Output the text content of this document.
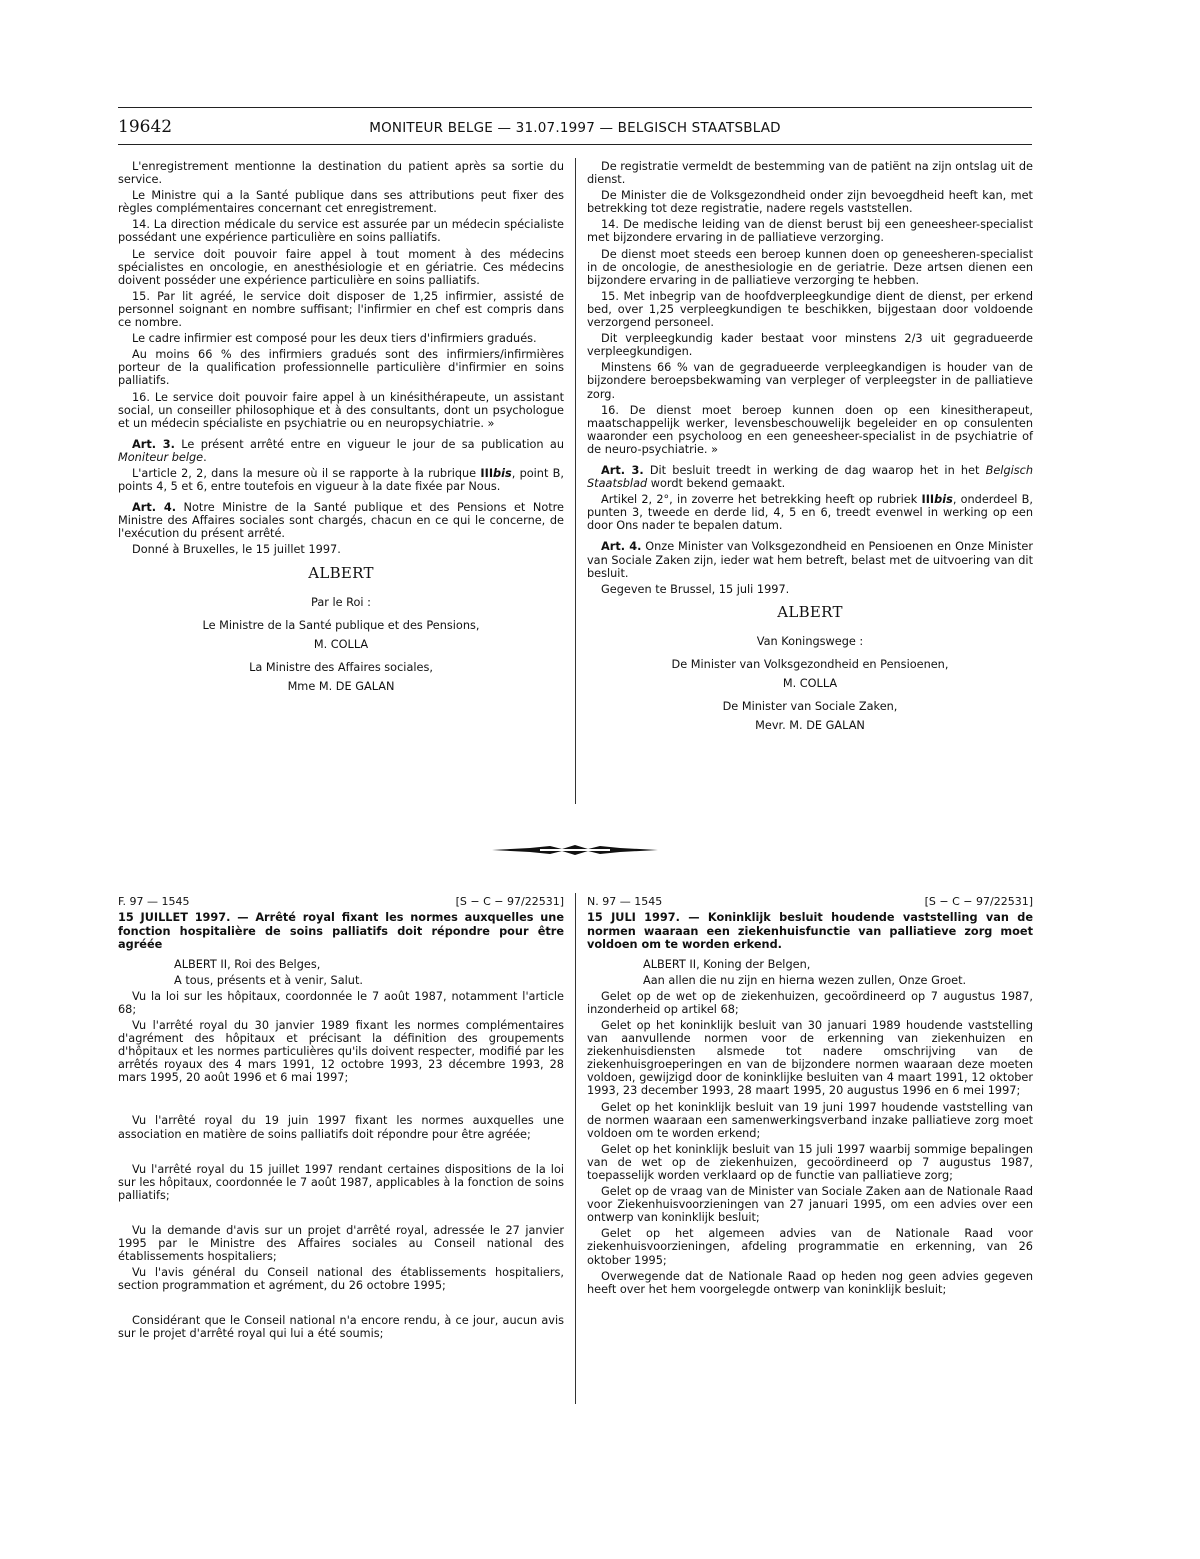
19642	MONITEUR BELGE — 31.07.1997 — BELGISCH STAATSBLAD

L'enregistrement mentionne la destination du patient après sa sortie du service.

Le Ministre qui a la Santé publique dans ses attributions peut fixer des règles complémentaires concernant cet enregistrement.

14. La direction médicale du service est assurée par un médecin spécialiste possédant une expérience particulière en soins palliatifs.

Le service doit pouvoir faire appel à tout moment à des médecins spécialistes en oncologie, en anesthésiologie et en gériatrie. Ces médecins doivent posséder une expérience particulière en soins palliatifs.

15. Par lit agréé, le service doit disposer de 1,25 infirmier, assisté de personnel soignant en nombre suffisant; l'infirmier en chef est compris dans ce nombre.

Le cadre infirmier est composé pour les deux tiers d'infirmiers gradués.

Au moins 66 % des infirmiers gradués sont des infirmiers/infirmières porteur de la qualification professionnelle particulière d'infirmier en soins palliatifs.

16. Le service doit pouvoir faire appel à un kinésithérapeute, un assistant social, un conseiller philosophique et à des consultants, dont un psychologue et un médecin spécialiste en psychiatrie ou en neuropsychiatrie. »

Art. 3. Le présent arrêté entre en vigueur le jour de sa publication au Moniteur belge.

L'article 2, 2, dans la mesure où il se rapporte à la rubrique IIIbis, point B, points 4, 5 et 6, entre toutefois en vigueur à la date fixée par Nous.

Art. 4. Notre Ministre de la Santé publique et des Pensions et Notre Ministre des Affaires sociales sont chargés, chacun en ce qui le concerne, de l'exécution du présent arrêté.

Donné à Bruxelles, le 15 juillet 1997.

ALBERT
Par le Roi :
Le Ministre de la Santé publique et des Pensions,
M. COLLA
La Ministre des Affaires sociales,
Mme M. DE GALAN

De registratie vermeldt de bestemming van de patiënt na zijn ontslag uit de dienst.

De Minister die de Volksgezondheid onder zijn bevoegdheid heeft kan, met betrekking tot deze registratie, nadere regels vaststellen.

14. De medische leiding van de dienst berust bij een geneesheer-specialist met bijzondere ervaring in de palliatieve verzorging.

De dienst moet steeds een beroep kunnen doen op geneesheren-specialist in de oncologie, de anesthesiologie en de geriatrie. Deze artsen dienen een bijzondere ervaring in de palliatieve verzorging te hebben.

15. Met inbegrip van de hoofdverpleegkundige dient de dienst, per erkend bed, over 1,25 verpleegkundigen te beschikken, bijgestaan door voldoende verzorgend personeel.

Dit verpleegkundig kader bestaat voor minstens 2/3 uit gegradueerde verpleegkundigen.

Minstens 66 % van de gegradueerde verpleegkandigen is houder van de bijzondere beroepsbekwaming van verpleger of verpleegster in de palliatieve zorg.

16. De dienst moet beroep kunnen doen op een kinesitherapeut, maatschappelijk werker, levensbeschouwelijk begeleider en op consulenten waaronder een psycholoog en een geneesheer-specialist in de psychiatrie of de neuro-psychiatrie. »

Art. 3. Dit besluit treedt in werking de dag waarop het in het Belgisch Staatsblad wordt bekend gemaakt.

Artikel 2, 2°, in zoverre het betrekking heeft op rubriek IIIbis, onderdeel B, punten 3, tweede en derde lid, 4, 5 en 6, treedt evenwel in werking op een door Ons nader te bepalen datum.

Art. 4. Onze Minister van Volksgezondheid en Pensioenen en Onze Minister van Sociale Zaken zijn, ieder wat hem betreft, belast met de uitvoering van dit besluit.

Gegeven te Brussel, 15 juli 1997.

ALBERT
Van Koningswege :
De Minister van Volksgezondheid en Pensioenen,
M. COLLA
De Minister van Sociale Zaken,
Mevr. M. DE GALAN
F. 97 — 1545	[S − C − 97/22531]

15 JUILLET 1997. — Arrêté royal fixant les normes auxquelles une fonction hospitalière de soins palliatifs doit répondre pour être agréée

ALBERT II, Roi des Belges,

A tous, présents et à venir, Salut.

Vu la loi sur les hôpitaux, coordonnée le 7 août 1987, notamment l'article 68;

Vu l'arrêté royal du 30 janvier 1989 fixant les normes complémentaires d'agrément des hôpitaux et précisant la définition des groupements d'hôpitaux et les normes particulières qu'ils doivent respecter, modifié par les arrêtés royaux des 4 mars 1991, 12 octobre 1993, 23 décembre 1993, 28 mars 1995, 20 août 1996 et 6 mai 1997;

Vu l'arrêté royal du 19 juin 1997 fixant les normes auxquelles une association en matière de soins palliatifs doit répondre pour être agréée;

Vu l'arrêté royal du 15 juillet 1997 rendant certaines dispositions de la loi sur les hôpitaux, coordonnée le 7 août 1987, applicables à la fonction de soins palliatifs;

Vu la demande d'avis sur un projet d'arrêté royal, adressée le 27 janvier 1995 par le Ministre des Affaires sociales au Conseil national des établissements hospitaliers;

Vu l'avis général du Conseil national des établissements hospitaliers, section programmation et agrément, du 26 octobre 1995;

Considérant que le Conseil national n'a encore rendu, à ce jour, aucun avis sur le projet d'arrêté royal qui lui a été soumis;

N. 97 — 1545	[S − C − 97/22531]

15 JULI 1997. — Koninklijk besluit houdende vaststelling van de normen waaraan een ziekenhuisfunctie van palliatieve zorg moet voldoen om te worden erkend.

ALBERT II, Koning der Belgen,

Aan allen die nu zijn en hierna wezen zullen, Onze Groet.

Gelet op de wet op de ziekenhuizen, gecoördineerd op 7 augustus 1987, inzonderheid op artikel 68;

Gelet op het koninklijk besluit van 30 januari 1989 houdende vaststelling van aanvullende normen voor de erkenning van ziekenhuizen en ziekenhuisdiensten alsmede tot nadere omschrijving van de ziekenhuisgroeperingen en van de bijzondere normen waaraan deze moeten voldoen, gewijzigd door de koninklijke besluiten van 4 maart 1991, 12 oktober 1993, 23 december 1993, 28 maart 1995, 20 augustus 1996 en 6 mei 1997;

Gelet op het koninklijk besluit van 19 juni 1997 houdende vaststelling van de normen waaraan een samenwerkingsverband inzake palliatieve zorg moet voldoen om te worden erkend;

Gelet op het koninklijk besluit van 15 juli 1997 waarbij sommige bepalingen van de wet op de ziekenhuizen, gecoördineerd op 7 augustus 1987, toepasselijk worden verklaard op de functie van palliatieve zorg;

Gelet op de vraag van de Minister van Sociale Zaken aan de Nationale Raad voor Ziekenhuisvoorzieningen van 27 januari 1995, om een advies over een ontwerp van koninklijk besluit;

Gelet op het algemeen advies van de Nationale Raad voor ziekenhuisvoorzieningen, afdeling programmatie en erkenning, van 26 oktober 1995;

Overwegende dat de Nationale Raad op heden nog geen advies gegeven heeft over het hem voorgelegde ontwerp van koninklijk besluit;
